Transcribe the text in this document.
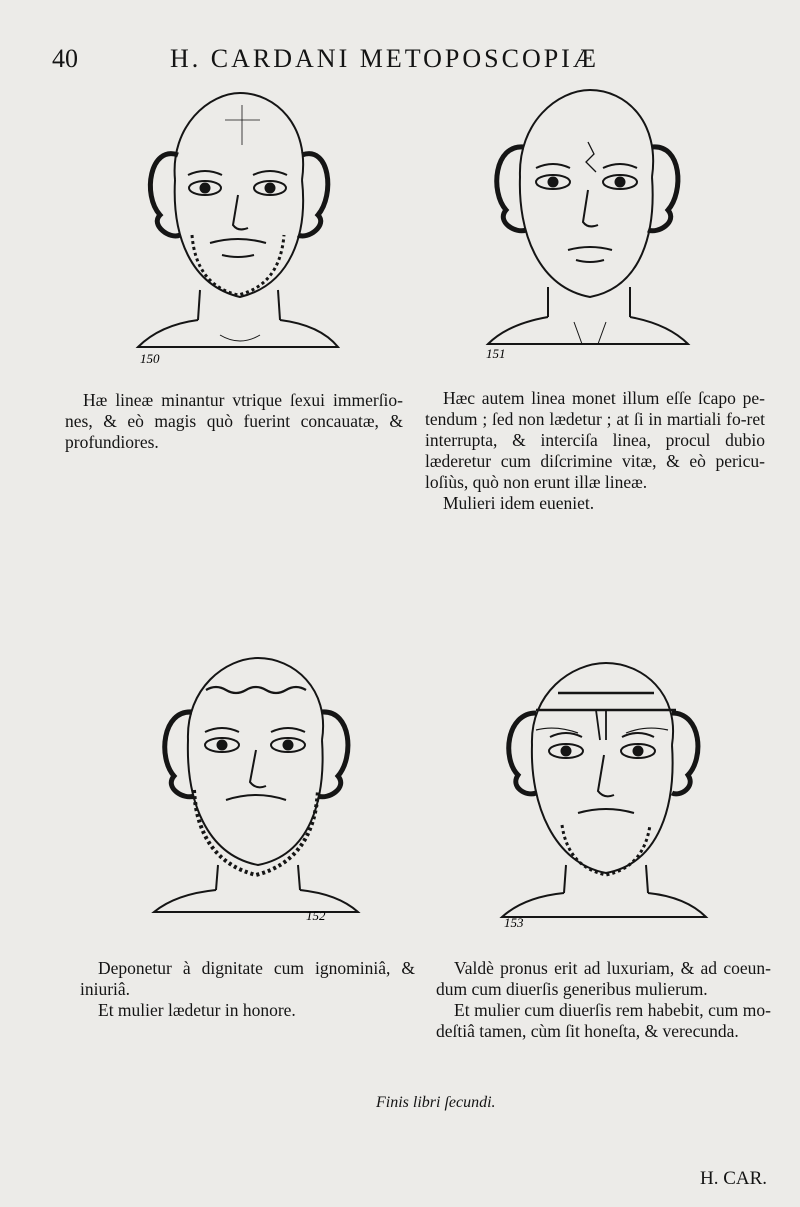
40	H. CARDANI METOPOSCOPIÆ
150	151

Hæ lineæ minantur vtrique ſexui immerſio-nes, & eò magis quò fuerint concauatæ, & profundiores.

Hæc autem linea monet illum eſſe ſcapo pe-tendum ; ſed non lædetur ; at ſi in martiali fo-ret interrupta, & interciſa linea, procul dubio læderetur cum diſcrimine vitæ, & eò pericu-loſiùs, quò non erunt illæ lineæ.

Mulieri idem eueniet.

152	153

Deponetur à dignitate cum ignominiâ, & iniuriâ.

Et mulier lædetur in honore.

Valdè pronus erit ad luxuriam, & ad coeun-dum cum diuerſis generibus mulierum.

Et mulier cum diuerſis rem habebit, cum mo-deſtiâ tamen, cùm ſit honeſta, & verecunda.

Finis libri ſecundi.
H. CAR.
